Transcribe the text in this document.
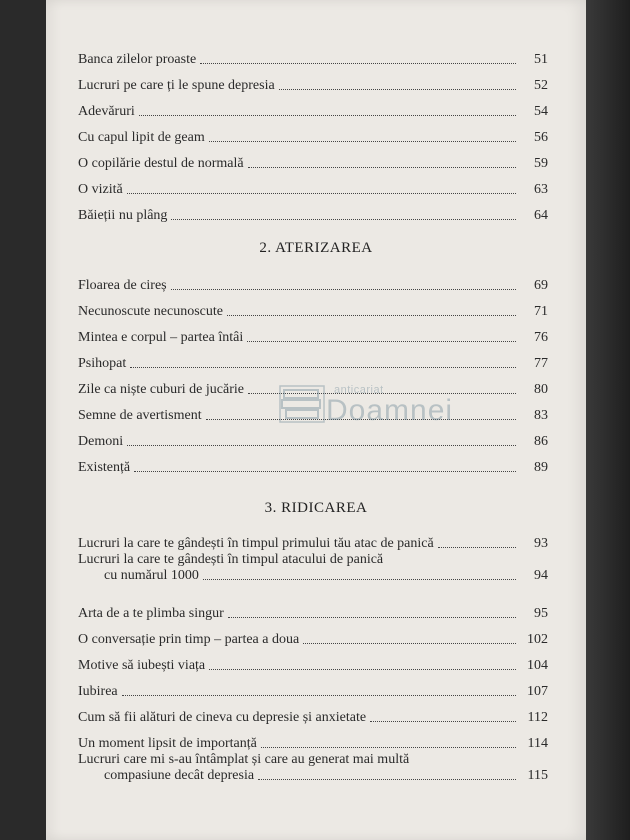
Banca zilelor proaste	51
Lucruri pe care ți le spune depresia	52
Adevăruri	54
Cu capul lipit de geam	56
O copilărie destul de normală	59
O vizită	63
Băieții nu plâng	64
2. ATERIZAREA
Floarea de cireș	69
Necunoscute necunoscute	71
Mintea e corpul – partea întâi	76
Psihopat	77
Zile ca niște cuburi de jucărie	80
Semne de avertisment	83
Demoni	86
Existență	89
3. RIDICAREA
Lucruri la care te gândești în timpul primului tău atac de panică	93
Lucruri la care te gândești în timpul atacului de panică
cu numărul 1000	94
Arta de a te plimba singur	95
O conversație prin timp – partea a doua	102
Motive să iubești viața	104
Iubirea	107
Cum să fii alături de cineva cu depresie și anxietate	112
Un moment lipsit de importanță	114
Lucruri care mi s-au întâmplat și care au generat mai multă
compasiune decât depresia	115
anticariat
Doamnei
